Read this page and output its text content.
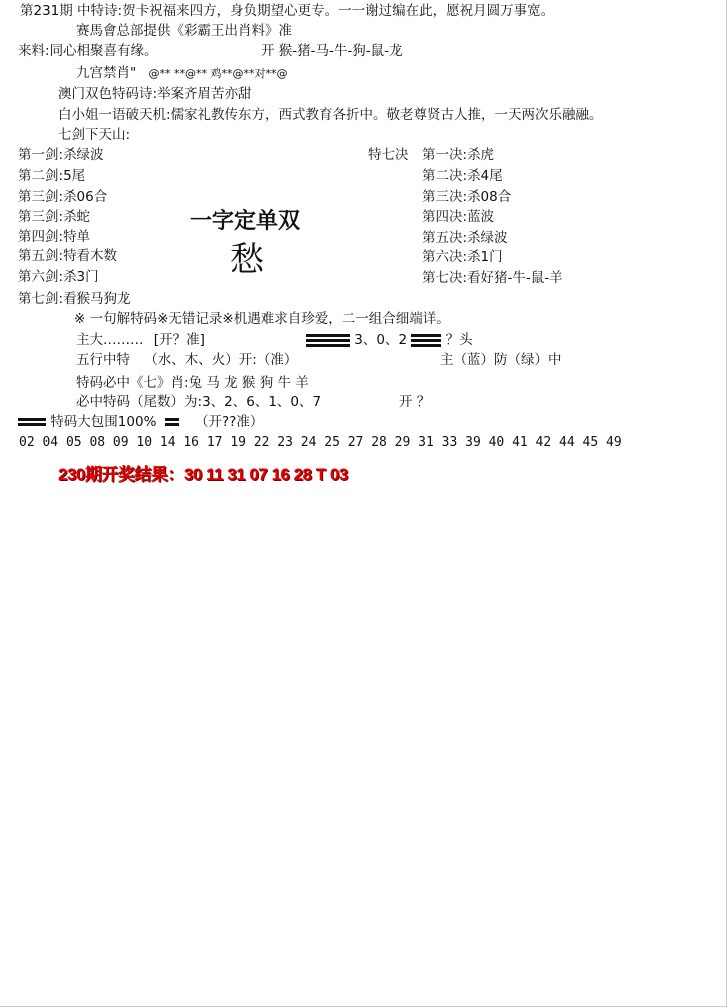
第231期 中特诗:贺卡祝福来四方，身负期望心更专。一一谢过编在此，愿祝月圆万事宽。
赛馬會总部提供《彩霸王出肖料》准
来料:同心相聚喜有缘。	开 猴-猪-马-牛-狗-鼠-龙
九宫禁肖" @** **@** 鸡**@**对**@
澳门双色特码诗:举案齐眉苦亦甜
白小姐一语破天机:儒家礼教传东方，西式教育各折中。敬老尊贤古人推，一天两次乐融融。
七剑下天山:
第一剑:杀绿波
第二剑:5尾
第三剑:杀06合
第三剑:杀蛇
第四剑:特单
第五剑:特看木数
第六剑:杀3门
第七剑:看猴马狗龙
一字定单双
愁
特七决 第一决:杀虎
第二决:杀4尾
第三决:杀08合
第四决:蓝波
第五决:杀绿波
第六决:杀1门
第七决:看好猪-牛-鼠-羊
※ 一句解特码※无错记录※机遇难求自珍爱，二一组合细端详。
主大……… [开？准]	3、0、2	？头
五行中特 （水、木、火）开:（准）	主（蓝）防（绿）中
特码必中《七》肖:兔 马 龙 猴 狗 牛 羊
必中特码（尾数）为:3、2、6、1、0、7	开 ？
特码大包围100%	（开??准）
02 04 05 08 09 10 14 16 17 19 22 23 24 25 27 28 29 31 33 39 40 41 42 44 45 49
230期开奖结果：30 11 31 07 16 28 T 03
